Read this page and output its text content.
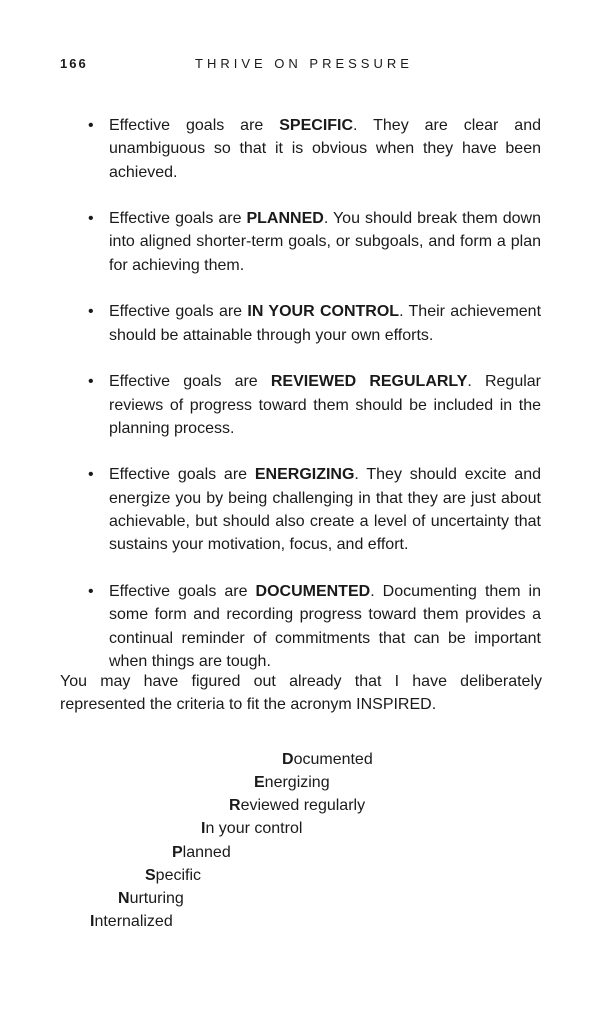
166	THRIVE ON PRESSURE
• Effective goals are SPECIFIC. They are clear and unambiguous so that it is obvious when they have been achieved.
• Effective goals are PLANNED. You should break them down into aligned shorter-term goals, or subgoals, and form a plan for achieving them.
• Effective goals are IN YOUR CONTROL. Their achievement should be attainable through your own efforts.
• Effective goals are REVIEWED REGULARLY. Regular reviews of progress toward them should be included in the planning process.
• Effective goals are ENERGIZING. They should excite and energize you by being challenging in that they are just about achievable, but should also create a level of uncertainty that sustains your motivation, focus, and effort.
• Effective goals are DOCUMENTED. Documenting them in some form and recording progress toward them provides a continual reminder of commitments that can be important when things are tough.

You may have figured out already that I have deliberately represented the criteria to fit the acronym INSPIRED.

Documented
Energizing
Reviewed regularly
In your control
Planned
Specific
Nurturing
Internalized
